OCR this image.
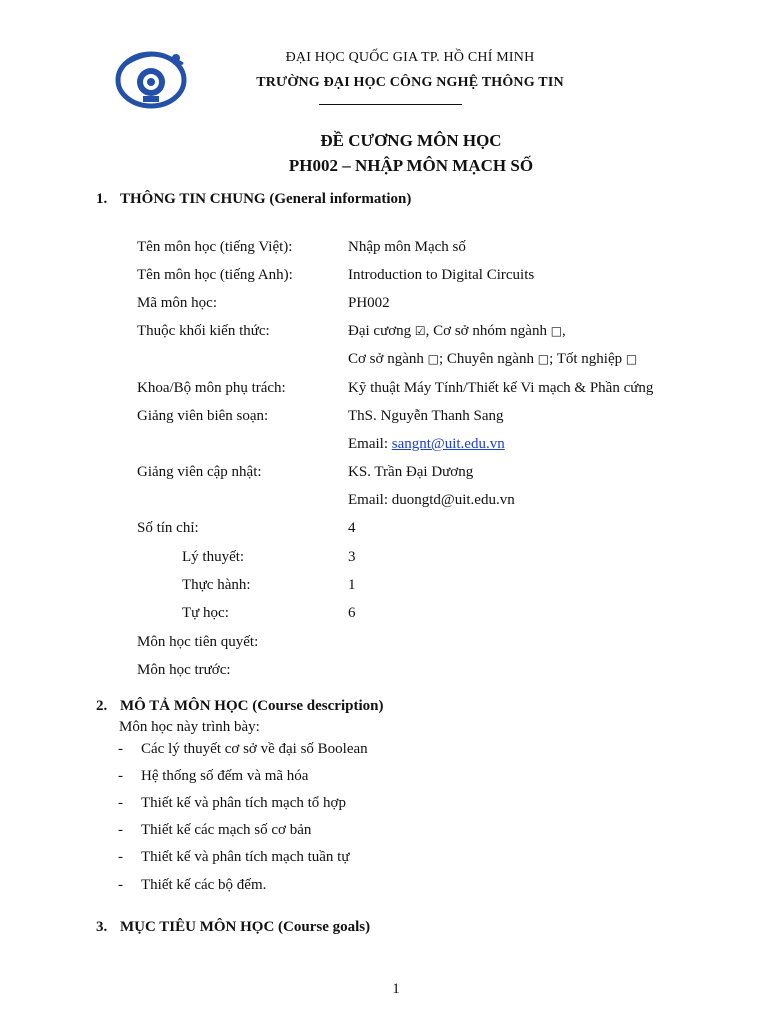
ĐẠI HỌC QUỐC GIA TP. HỒ CHÍ MINH
TRƯỜNG ĐẠI HỌC CÔNG NGHỆ THÔNG TIN
ĐỀ CƯƠNG MÔN HỌC
PH002 – NHẬP MÔN MẠCH SỐ
1. THÔNG TIN CHUNG (General information)
Tên môn học (tiếng Việt):	Nhập môn Mạch số
Tên môn học (tiếng Anh):	Introduction to Digital Circuits
Mã môn học:	PH002
Thuộc khối kiến thức:	Đại cương ☑, Cơ sở nhóm ngành □,
Cơ sở ngành □; Chuyên ngành □; Tốt nghiệp □
Khoa/Bộ môn phụ trách:	Kỹ thuật Máy Tính/Thiết kế Vi mạch & Phần cứng
Giảng viên biên soạn:	ThS. Nguyễn Thanh Sang
Email: sangnt@uit.edu.vn
Giảng viên cập nhật:	KS. Trần Đại Dương
Email: duongtd@uit.edu.vn
Số tín chỉ:	4
Lý thuyết:	3
Thực hành:	1
Tự học:	6
Môn học tiên quyết:
Môn học trước:
2. MÔ TẢ MÔN HỌC (Course description)
Môn học này trình bày:
- Các lý thuyết cơ sở về đại số Boolean
- Hệ thống số đếm và mã hóa
- Thiết kế và phân tích mạch tổ hợp
- Thiết kế các mạch số cơ bản
- Thiết kế và phân tích mạch tuần tự
- Thiết kế các bộ đếm.
3. MỤC TIÊU MÔN HỌC (Course goals)
1
